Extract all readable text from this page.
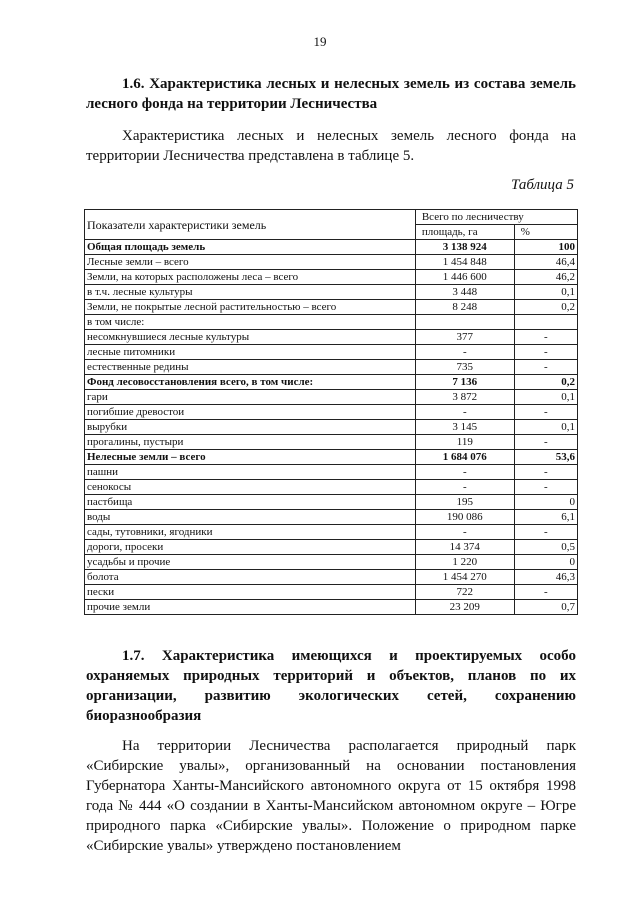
19
1.6. Характеристика лесных и нелесных земель из состава земель лесного фонда на территории Лесничества
Характеристика лесных и нелесных земель лесного фонда на территории Лесничества представлена в таблице 5.
Таблица 5
Показатели характеристики земель	Всего по лесничеству	
	площадь, га	%
Общая площадь земель	3 138 924	100
Лесные земли – всего	1 454 848	46,4
Земли, на которых расположены леса – всего	1 446 600	46,2
в т.ч. лесные культуры	3 448	0,1
Земли, не покрытые лесной растительностью – всего	8 248	0,2
в том числе:		
несомкнувшиеся лесные культуры	377	-
лесные питомники	-	-
естественные редины	735	-
Фонд лесовосстановления всего, в том числе:	7 136	0,2
гари	3 872	0,1
погибшие древостои	-	-
вырубки	3 145	0,1
прогалины, пустыри	119	-
Нелесные земли – всего	1 684 076	53,6
пашни	-	-
сенокосы	-	-
пастбища	195	0
воды	190 086	6,1
сады, тутовники, ягодники	-	-
дороги, просеки	14 374	0,5
усадьбы и прочие	1 220	0
болота	1 454 270	46,3
пески	722	-
прочие земли	23 209	0,7
1.7. Характеристика имеющихся и проектируемых особо охраняемых природных территорий и объектов, планов по их организации, развитию экологических сетей, сохранению биоразнообразия
На территории Лесничества располагается природный парк «Сибирские увалы», организованный на основании постановления Губернатора Ханты-Мансийского автономного округа от 15 октября 1998 года № 444 «О создании в Ханты-Мансийском автономном округе – Югре природного парка «Сибирские увалы». Положение о природном парке «Сибирские увалы» утверждено постановлением
